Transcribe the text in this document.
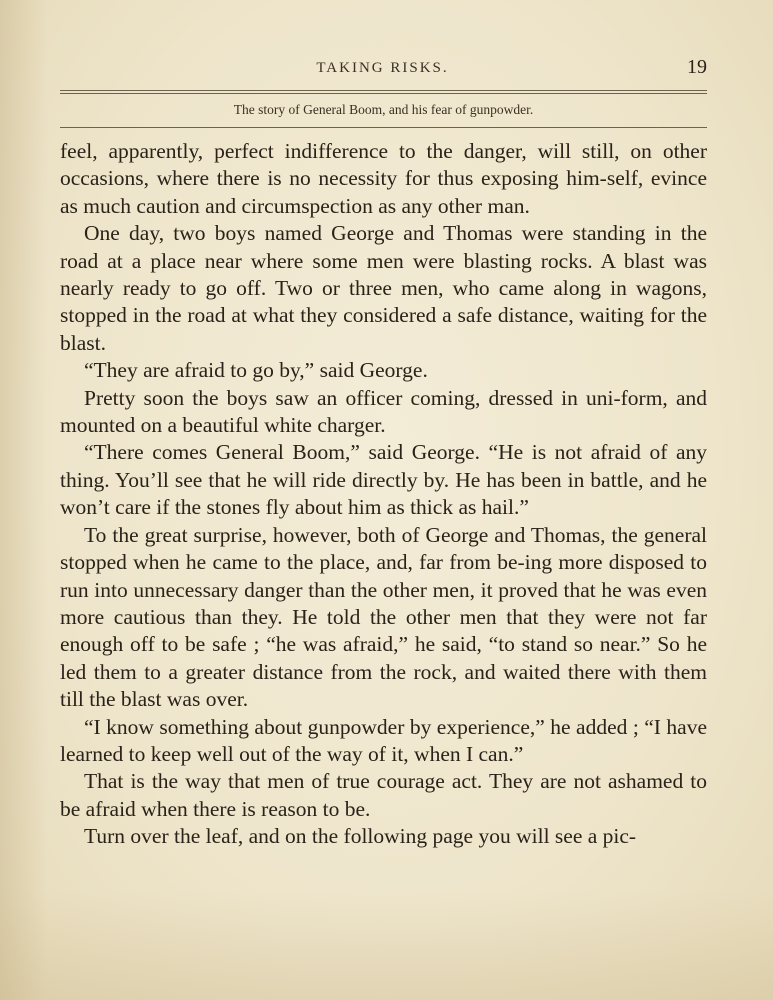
TAKING RISKS.	19
The story of General Boom, and his fear of gunpowder.

feel, apparently, perfect indifference to the danger, will still, on other occasions, where there is no necessity for thus exposing him-self, evince as much caution and circumspection as any other man.

One day, two boys named George and Thomas were standing in the road at a place near where some men were blasting rocks. A blast was nearly ready to go off. Two or three men, who came along in wagons, stopped in the road at what they considered a safe distance, waiting for the blast.

“They are afraid to go by,” said George.

Pretty soon the boys saw an officer coming, dressed in uni-form, and mounted on a beautiful white charger.

“There comes General Boom,” said George. “He is not afraid of any thing. You’ll see that he will ride directly by. He has been in battle, and he won’t care if the stones fly about him as thick as hail.”

To the great surprise, however, both of George and Thomas, the general stopped when he came to the place, and, far from be-ing more disposed to run into unnecessary danger than the other men, it proved that he was even more cautious than they. He told the other men that they were not far enough off to be safe ; “he was afraid,” he said, “to stand so near.” So he led them to a greater distance from the rock, and waited there with them till the blast was over.

“I know something about gunpowder by experience,” he added ; “I have learned to keep well out of the way of it, when I can.”

That is the way that men of true courage act. They are not ashamed to be afraid when there is reason to be.

Turn over the leaf, and on the following page you will see a pic-
